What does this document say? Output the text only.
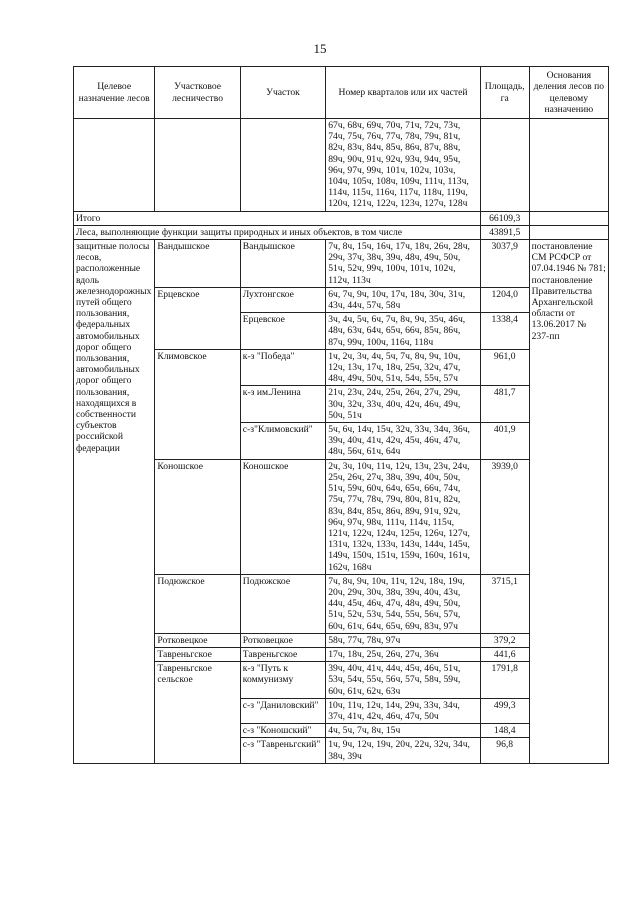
15
Целевое назначение лесов	Участковое лесничество	Участок	Номер кварталов или их частей	Площадь, га	Основания деления лесов по целевому назначению
			67ч, 68ч, 69ч, 70ч, 71ч, 72ч, 73ч, 74ч, 75ч, 76ч, 77ч, 78ч, 79ч, 81ч, 82ч, 83ч, 84ч, 85ч, 86ч, 87ч, 88ч, 89ч, 90ч, 91ч, 92ч, 93ч, 94ч, 95ч, 96ч, 97ч, 99ч, 101ч, 102ч, 103ч, 104ч, 105ч, 108ч, 109ч, 111ч, 113ч, 114ч, 115ч, 116ч, 117ч, 118ч, 119ч, 120ч, 121ч, 122ч, 123ч, 127ч, 128ч		
Итого				66109,3	
Леса, выполняющие функции защиты природных и иных объектов, в том числе				43891,5	
защитные полосы лесов, расположенные вдоль железнодорожных путей общего пользования, федеральных автомобильных дорог общего пользования, автомобильных дорог общего пользования, находящихся в собственности субъектов российской федерации	Вандышское	Вандышское	7ч, 8ч, 15ч, 16ч, 17ч, 18ч, 26ч, 28ч, 29ч, 37ч, 38ч, 39ч, 48ч, 49ч, 50ч, 51ч, 52ч, 99ч, 100ч, 101ч, 102ч, 112ч, 113ч	3037,9	постановление СМ РСФСР от 07.04.1946 № 781; постановление Правительства Архангельской области от 13.06.2017 № 237-пп
	Ерцевское	Лухтонгское	6ч, 7ч, 9ч, 10ч, 17ч, 18ч, 30ч, 31ч, 43ч, 44ч, 57ч, 58ч	1204,0	
		Ерцевское	3ч, 4ч, 5ч, 6ч, 7ч, 8ч, 9ч, 35ч, 46ч, 48ч, 63ч, 64ч, 65ч, 66ч, 85ч, 86ч, 87ч, 99ч, 100ч, 116ч, 118ч	1338,4	
	Климовское	к-з "Победа"	1ч, 2ч, 3ч, 4ч, 5ч, 7ч, 8ч, 9ч, 10ч, 12ч, 13ч, 17ч, 18ч, 25ч, 32ч, 47ч, 48ч, 49ч, 50ч, 51ч, 54ч, 55ч, 57ч	961,0	
		к-з им.Ленина	21ч, 23ч, 24ч, 25ч, 26ч, 27ч, 29ч, 30ч, 32ч, 33ч, 40ч, 42ч, 46ч, 49ч, 50ч, 51ч	481,7	
		с-з"Климовский"	5ч, 6ч, 14ч, 15ч, 32ч, 33ч, 34ч, 36ч, 39ч, 40ч, 41ч, 42ч, 45ч, 46ч, 47ч, 48ч, 56ч, 61ч, 64ч	401,9	
	Коношское	Коношское	2ч, 3ч, 10ч, 11ч, 12ч, 13ч, 23ч, 24ч, 25ч, 26ч, 27ч, 38ч, 39ч, 40ч, 50ч, 51ч, 59ч, 60ч, 64ч, 65ч, 66ч, 74ч, 75ч, 77ч, 78ч, 79ч, 80ч, 81ч, 82ч, 83ч, 84ч, 85ч, 86ч, 89ч, 91ч, 92ч, 96ч, 97ч, 98ч, 111ч, 114ч, 115ч, 121ч, 122ч, 124ч, 125ч, 126ч, 127ч, 131ч, 132ч, 133ч, 143ч, 144ч, 145ч, 149ч, 150ч, 151ч, 159ч, 160ч, 161ч, 162ч, 168ч	3939,0	
	Подюжское	Подюжское	7ч, 8ч, 9ч, 10ч, 11ч, 12ч, 18ч, 19ч, 20ч, 29ч, 30ч, 38ч, 39ч, 40ч, 43ч, 44ч, 45ч, 46ч, 47ч, 48ч, 49ч, 50ч, 51ч, 52ч, 53ч, 54ч, 55ч, 56ч, 57ч, 60ч, 61ч, 64ч, 65ч, 69ч, 83ч, 97ч	3715,1	
	Ротковецкое	Ротковецкое	58ч, 77ч, 78ч, 97ч	379,2	
	Тавреньгское	Тавреньгское	17ч, 18ч, 25ч, 26ч, 27ч, 36ч	441,6	
	Тавреньгское сельское	к-з "Путь к коммунизму	39ч, 40ч, 41ч, 44ч, 45ч, 46ч, 51ч, 53ч, 54ч, 55ч, 56ч, 57ч, 58ч, 59ч, 60ч, 61ч, 62ч, 63ч	1791,8	
		с-з "Даниловский"	10ч, 11ч, 12ч, 14ч, 29ч, 33ч, 34ч, 37ч, 41ч, 42ч, 46ч, 47ч, 50ч	499,3	
		с-з "Коношский"	4ч, 5ч, 7ч, 8ч, 15ч	148,4	
		с-з "Тавреньгский"	1ч, 9ч, 12ч, 19ч, 20ч, 22ч, 32ч, 34ч, 38ч, 39ч	96,8	
